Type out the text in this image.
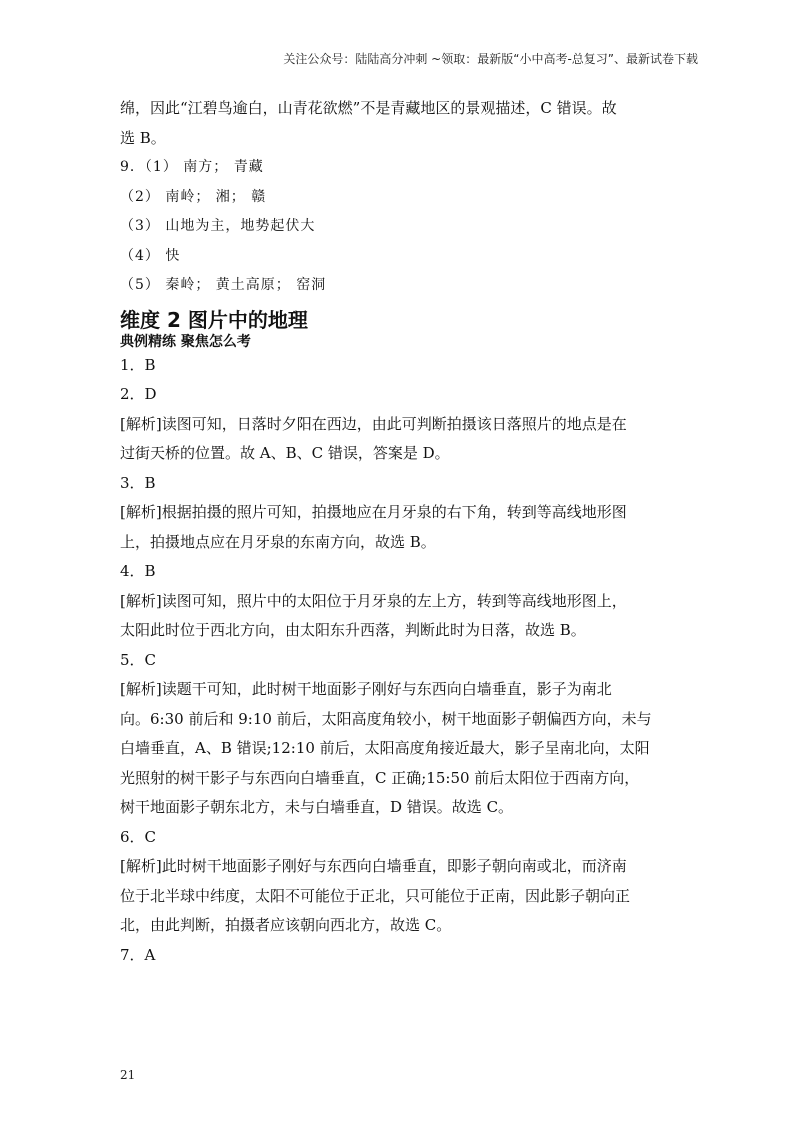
关注公众号：陆陆高分冲刺 ~领取：最新版“小中高考-总复习”、最新试卷下载
绵，因此“江碧鸟逾白，山青花欲燃”不是青藏地区的景观描述，C 错误。故
选 B。
9．（1） 南方； 青藏
（2） 南岭； 湘； 赣
（3） 山地为主，地势起伏大
（4） 快
（5） 秦岭； 黄土高原； 窑洞
维度 2 图片中的地理
典例精练 聚焦怎么考
1．B
2．D
[解析]读图可知，日落时夕阳在西边，由此可判断拍摄该日落照片的地点是在
过街天桥的位置。故 A、B、C 错误，答案是 D。
3．B
[解析]根据拍摄的照片可知，拍摄地应在月牙泉的右下角，转到等高线地形图
上，拍摄地点应在月牙泉的东南方向，故选 B。
4．B
[解析]读图可知，照片中的太阳位于月牙泉的左上方，转到等高线地形图上，
太阳此时位于西北方向，由太阳东升西落，判断此时为日落，故选 B。
5．C
[解析]读题干可知，此时树干地面影子刚好与东西向白墙垂直，影子为南北
向。6:30 前后和 9:10 前后，太阳高度角较小，树干地面影子朝偏西方向，未与
白墙垂直，A、B 错误;12:10 前后，太阳高度角接近最大，影子呈南北向，太阳
光照射的树干影子与东西向白墙垂直，C 正确;15:50 前后太阳位于西南方向，
树干地面影子朝东北方，未与白墙垂直，D 错误。故选 C。
6．C
[解析]此时树干地面影子刚好与东西向白墙垂直，即影子朝向南或北，而济南
位于北半球中纬度，太阳不可能位于正北，只可能位于正南，因此影子朝向正
北，由此判断，拍摄者应该朝向西北方，故选 C。
7．A
21
